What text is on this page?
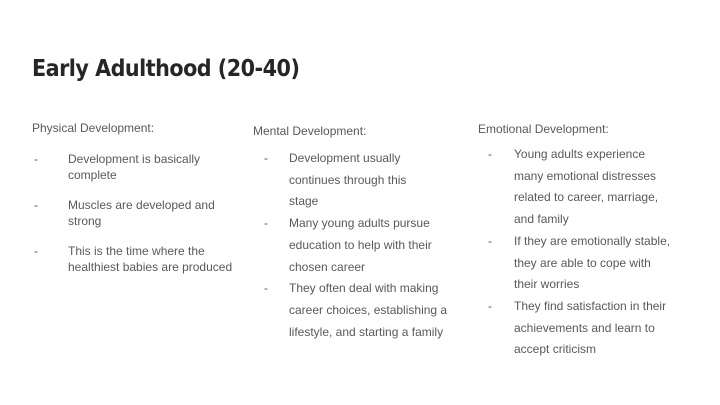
Early Adulthood (20-40)

Physical Development:

-	Development is basically complete
-	Muscles are developed and strong
-	This is the time where the healthiest babies are produced

Mental Development:

- Development usually continues through this stage
- Many young adults pursue education to help with their chosen career
- They often deal with making career choices, establishing a lifestyle, and starting a family

Emotional Development:

- Young adults experience many emotional distresses related to career, marriage, and family
- If they are emotionally stable, they are able to cope with their worries
- They find satisfaction in their achievements and learn to accept criticism
